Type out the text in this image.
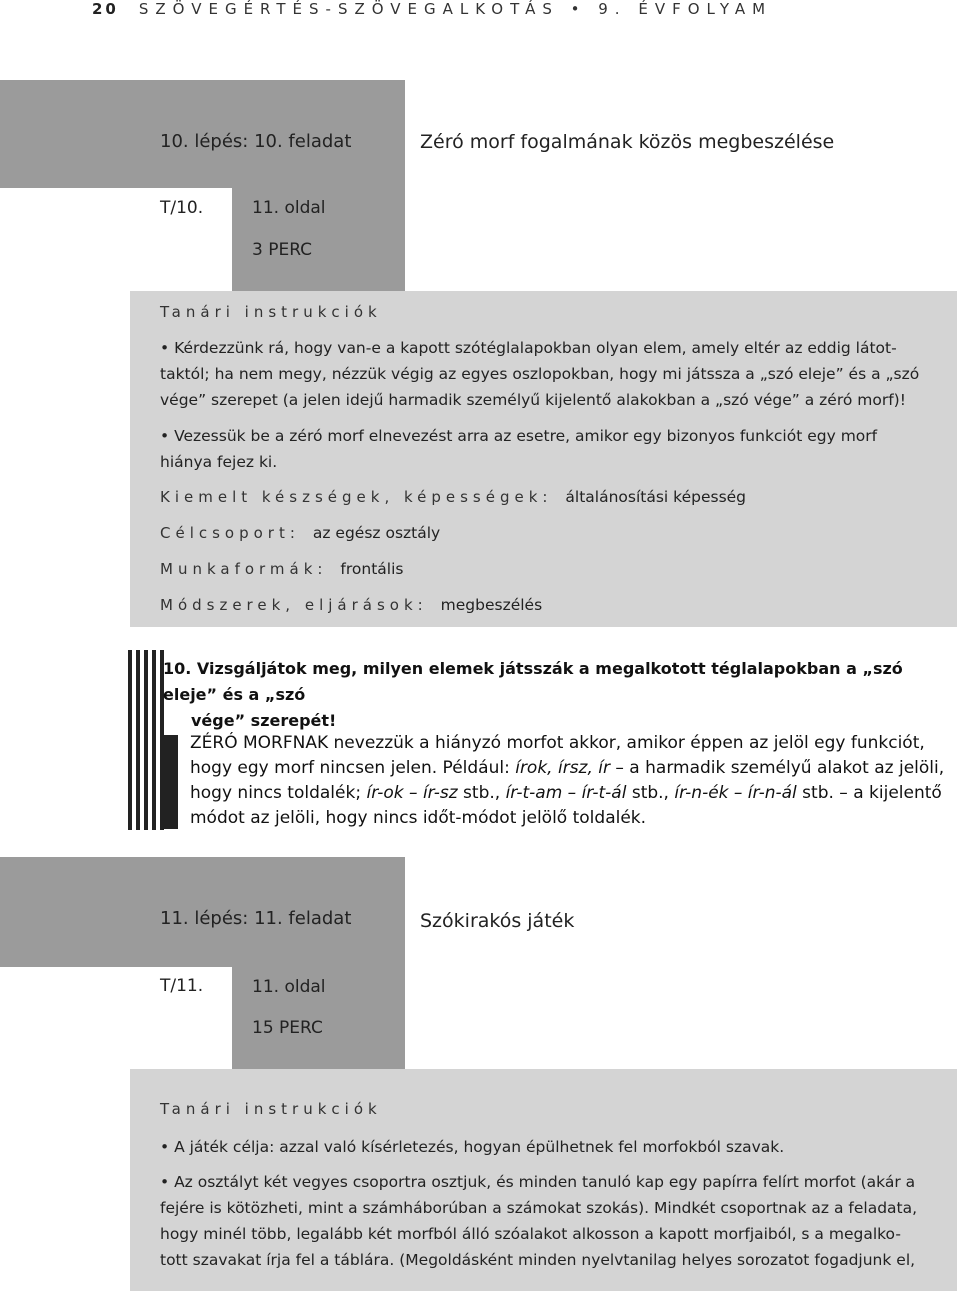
20 SZÖVEGÉRTÉS-SZÖVEGALKOTÁS • 9. ÉVFOLYAM
10. lépés: 10. feladat	Zéró morf fogalmának közös megbeszélése
T/10.	11. oldal
3 PERC
Tanári instrukciók
• Kérdezzünk rá, hogy van-e a kapott szótéglalapokban olyan elem, amely eltér az eddig látot-
taktól; ha nem megy, nézzük végig az egyes oszlopokban, hogy mi játssza a „szó eleje” és a „szó
vége” szerepet (a jelen idejű harmadik személyű kijelentő alakokban a „szó vége” a zéró morf)!
• Vezessük be a zéró morf elnevezést arra az esetre, amikor egy bizonyos funkciót egy morf
hiánya fejez ki.
Kiemelt készségek, képességek: általánosítási képesség
Célcsoport: az egész osztály
Munkaformák: frontális
Módszerek, eljárások: megbeszélés
10. Vizsgáljátok meg, milyen elemek játsszák a megalkotott téglalapokban a „szó eleje” és a „szó
vége” szerepét!
ZÉRÓ MORFNAK nevezzük a hiányzó morfot akkor, amikor éppen az jelöl egy funkciót,
hogy egy morf nincsen jelen. Például: írok, írsz, ír – a harmadik személyű alakot az jelöli,
hogy nincs toldalék; ír-ok – ír-sz stb., ír-t-am – ír-t-ál stb., ír-n-ék – ír-n-ál stb. – a kijelentő
módot az jelöli, hogy nincs időt-módot jelölő toldalék.
11. lépés: 11. feladat	Szókirakós játék
T/11.	11. oldal
15 PERC
Tanári instrukciók
• A játék célja: azzal való kísérletezés, hogyan épülhetnek fel morfokból szavak.
• Az osztályt két vegyes csoportra osztjuk, és minden tanuló kap egy papírra felírt morfot (akár a
fejére is kötözheti, mint a számháborúban a számokat szokás). Mindkét csoportnak az a feladata,
hogy minél több, legalább két morfból álló szóalakot alkosson a kapott morfjaiból, s a megalko-
tott szavakat írja fel a táblára. (Megoldásként minden nyelvtanilag helyes sorozatot fogadjunk el,
